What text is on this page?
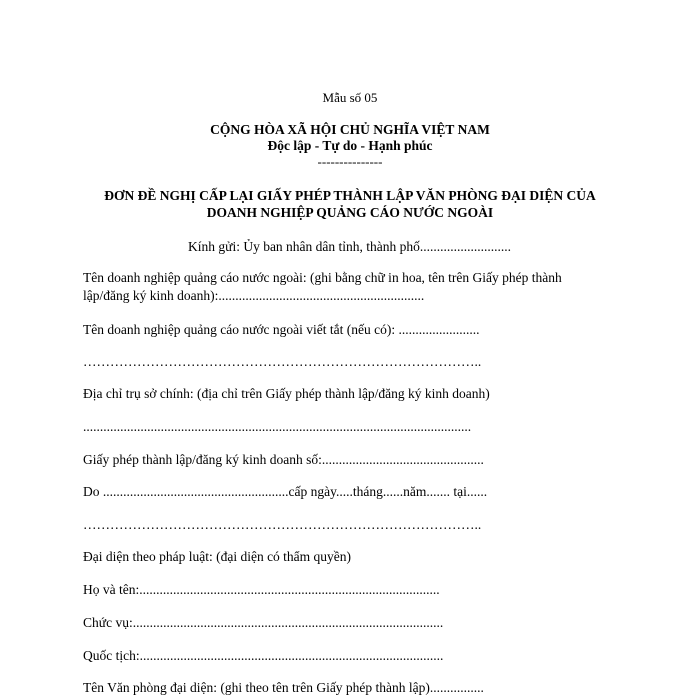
Mẫu số 05
CỘNG HÒA XÃ HỘI CHỦ NGHĨA VIỆT NAM
Độc lập - Tự do - Hạnh phúc
---------------
ĐƠN ĐỀ NGHỊ CẤP LẠI GIẤY PHÉP THÀNH LẬP VĂN PHÒNG ĐẠI DIỆN CỦA
DOANH NGHIỆP QUẢNG CÁO NƯỚC NGOÀI
Kính gửi: Ủy ban nhân dân tỉnh, thành phố...........................
Tên doanh nghiệp quảng cáo nước ngoài: (ghi bằng chữ in hoa, tên trên Giấy phép thành
lập/đăng ký kinh doanh):.............................................................
Tên doanh nghiệp quảng cáo nước ngoài viết tắt (nếu có): ........................
……………………………………………………………………………..
Địa chỉ trụ sở chính: (địa chỉ trên Giấy phép thành lập/đăng ký kinh doanh)
...................................................................................................................
Giấy phép thành lập/đăng ký kinh doanh số:................................................
Do .......................................................cấp ngày.....tháng......năm....... tại......
……………………………………………………………………………..
Đại diện theo pháp luật: (đại diện có thẩm quyền)
Họ và tên:.........................................................................................
Chức vụ:............................................................................................
Quốc tịch:..........................................................................................
Tên Văn phòng đại diện: (ghi theo tên trên Giấy phép thành lập)................
